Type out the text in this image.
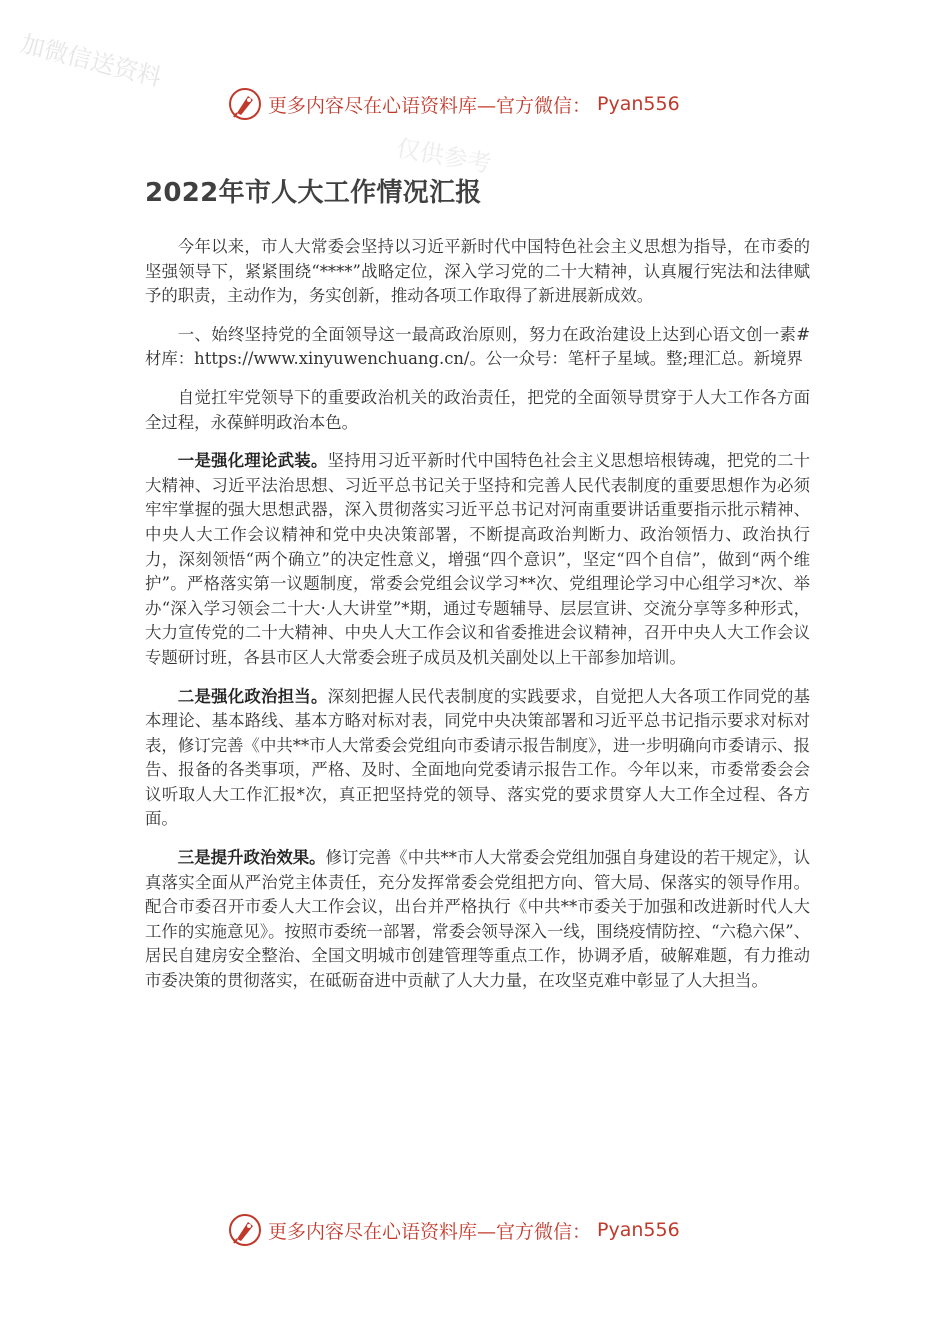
加微信送资料
仅供参考
更多内容尽在心语资料库—官方微信： Pyan556
2022年市人大工作情况汇报

今年以来，市人大常委会坚持以习近平新时代中国特色社会主义思想为指导，在市委的坚强领导下，紧紧围绕“****”战略定位，深入学习党的二十大精神，认真履行宪法和法律赋予的职责，主动作为，务实创新，推动各项工作取得了新进展新成效。

一、始终坚持党的全面领导这一最高政治原则，努力在政治建设上达到心语文创一素#材库：https://www.xinyuwenchuang.cn/。公一众号：笔杆子星域。整;理汇总。新境界

自觉扛牢党领导下的重要政治机关的政治责任，把党的全面领导贯穿于人大工作各方面全过程，永葆鲜明政治本色。

一是强化理论武装。坚持用习近平新时代中国特色社会主义思想培根铸魂，把党的二十大精神、习近平法治思想、习近平总书记关于坚持和完善人民代表制度的重要思想作为必须牢牢掌握的强大思想武器，深入贯彻落实习近平总书记对河南重要讲话重要指示批示精神、中央人大工作会议精神和党中央决策部署，不断提高政治判断力、政治领悟力、政治执行力，深刻领悟“两个确立”的决定性意义，增强“四个意识”，坚定“四个自信”，做到“两个维护”。严格落实第一议题制度，常委会党组会议学习**次、党组理论学习中心组学习*次、举办“深入学习领会二十大·人大讲堂”*期，通过专题辅导、层层宣讲、交流分享等多种形式，大力宣传党的二十大精神、中央人大工作会议和省委推进会议精神，召开中央人大工作会议专题研讨班，各县市区人大常委会班子成员及机关副处以上干部参加培训。

二是强化政治担当。深刻把握人民代表制度的实践要求，自觉把人大各项工作同党的基本理论、基本路线、基本方略对标对表，同党中央决策部署和习近平总书记指示要求对标对表，修订完善《中共**市人大常委会党组向市委请示报告制度》，进一步明确向市委请示、报告、报备的各类事项，严格、及时、全面地向党委请示报告工作。今年以来，市委常委会会议听取人大工作汇报*次，真正把坚持党的领导、落实党的要求贯穿人大工作全过程、各方面。

三是提升政治效果。修订完善《中共**市人大常委会党组加强自身建设的若干规定》，认真落实全面从严治党主体责任，充分发挥常委会党组把方向、管大局、保落实的领导作用。配合市委召开市委人大工作会议，出台并严格执行《中共**市委关于加强和改进新时代人大工作的实施意见》。按照市委统一部署，常委会领导深入一线，围绕疫情防控、“六稳六保”、居民自建房安全整治、全国文明城市创建管理等重点工作，协调矛盾，破解难题，有力推动市委决策的贯彻落实，在砥砺奋进中贡献了人大力量，在攻坚克难中彰显了人大担当。

更多内容尽在心语资料库—官方微信： Pyan556
